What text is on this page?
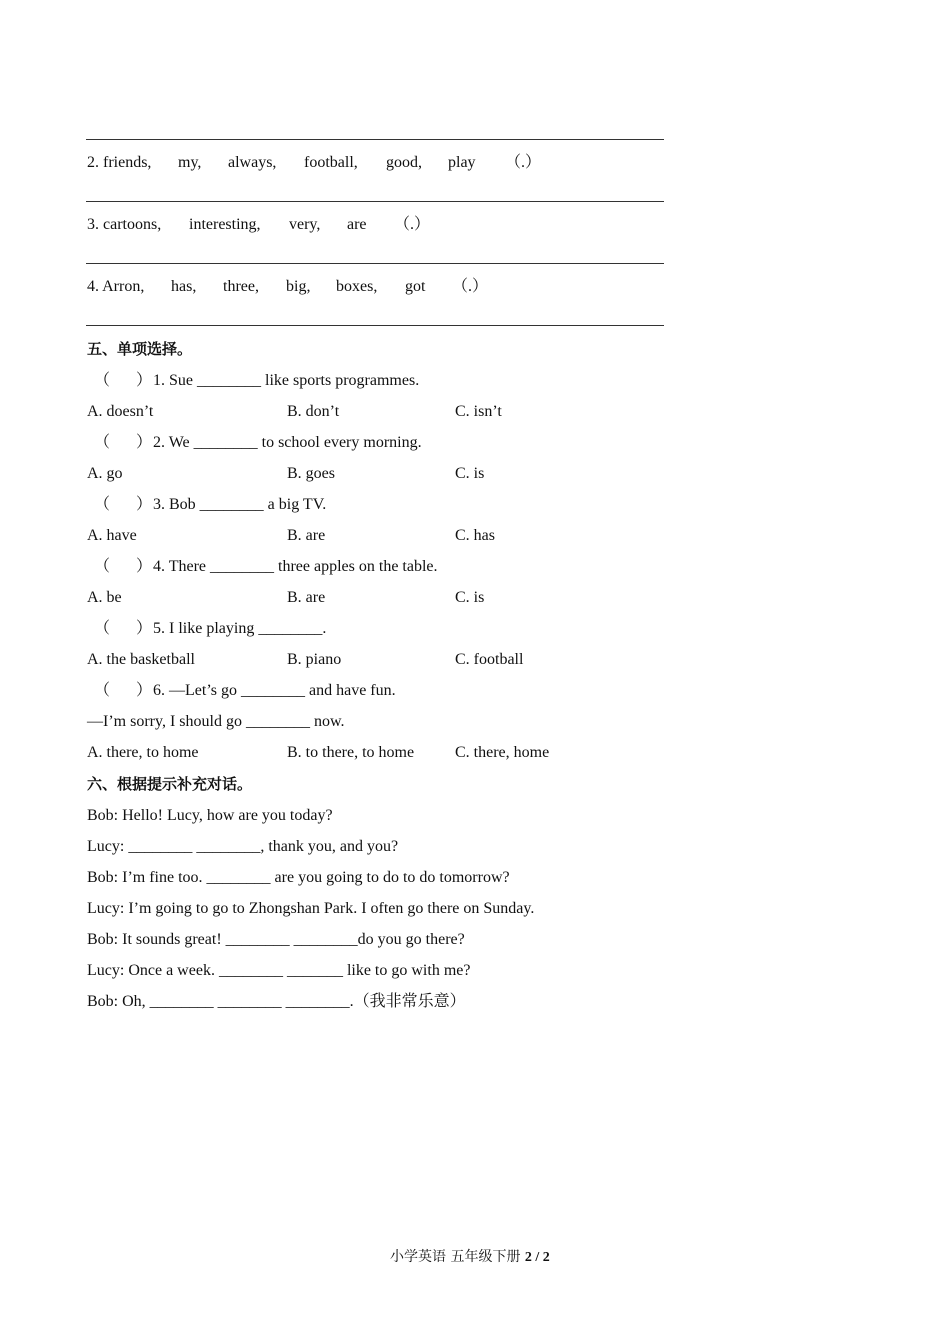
2. friends, my, always, football, good, play （.）
3. cartoons, interesting, very, are （.）
4. Arron, has, three, big, boxes, got （.）
五、单项选择。
（ ） 1. Sue ________ like sports programmes.
A. doesn’t	B. don’t	C. isn’t
（ ） 2. We ________ to school every morning.
A. go	B. goes	C. is
（ ） 3. Bob ________ a big TV.
A. have	B. are	C. has
（ ） 4. There ________ three apples on the table.
A. be	B. are	C. is
（ ） 5. I like playing ________.
A. the basketball	B. piano	C. football
（ ） 6. —Let’s go ________ and have fun.
—I’m sorry, I should go ________ now.
A. there, to home	B. to there, to home	C. there, home
六、根据提示补充对话。
Bob: Hello! Lucy, how are you today?
Lucy: ________ ________, thank you, and you?
Bob: I’m fine too. ________ are you going to do to do tomorrow?
Lucy: I’m going to go to Zhongshan Park. I often go there on Sunday.
Bob: It sounds great! ________ ________do you go there?
Lucy: Once a week. ________ _______ like to go with me?
Bob: Oh, ________ ________ ________.（我非常乐意）
小学英语 五年级下册 2 / 2
